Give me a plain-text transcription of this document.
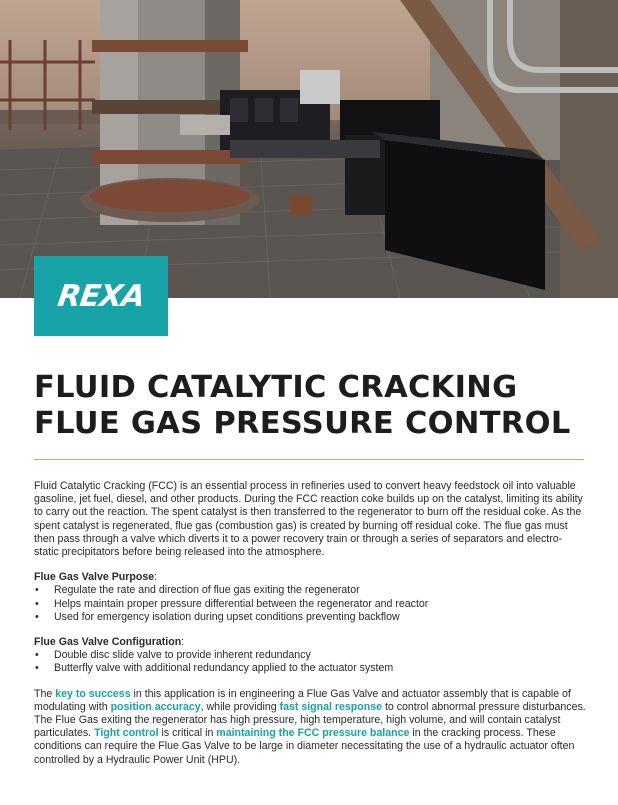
REXA
FLUID CATALYTIC CRACKING
FLUE GAS PRESSURE CONTROL

Fluid Catalytic Cracking (FCC) is an essential process in refineries used to convert heavy feedstock oil into valuable gasoline, jet fuel, diesel, and other products. During the FCC reaction coke builds up on the catalyst, limiting its ability to carry out the reaction. The spent catalyst is then transferred to the regenerator to burn off the residual coke. As the spent catalyst is regenerated, flue gas (combustion gas) is created by burning off residual coke. The flue gas must then pass through a valve which diverts it to a power recovery train or through a series of separators and electro-static precipitators before being released into the atmosphere.

Flue Gas Valve Purpose:

• Regulate the rate and direction of flue gas exiting the regenerator
• Helps maintain proper pressure differential between the regenerator and reactor
• Used for emergency isolation during upset conditions preventing backflow

Flue Gas Valve Configuration:

• Double disc slide valve to provide inherent redundancy
• Butterfly valve with additional redundancy applied to the actuator system

The key to success in this application is in engineering a Flue Gas Valve and actuator assembly that is capable of modulating with position accuracy, while providing fast signal response to control abnormal pressure disturbances. The Flue Gas exiting the regenerator has high pressure, high temperature, high volume, and will contain catalyst particulates. Tight control is critical in maintaining the FCC pressure balance in the cracking process. These conditions can require the Flue Gas Valve to be large in diameter necessitating the use of a hydraulic actuator often controlled by a Hydraulic Power Unit (HPU).
